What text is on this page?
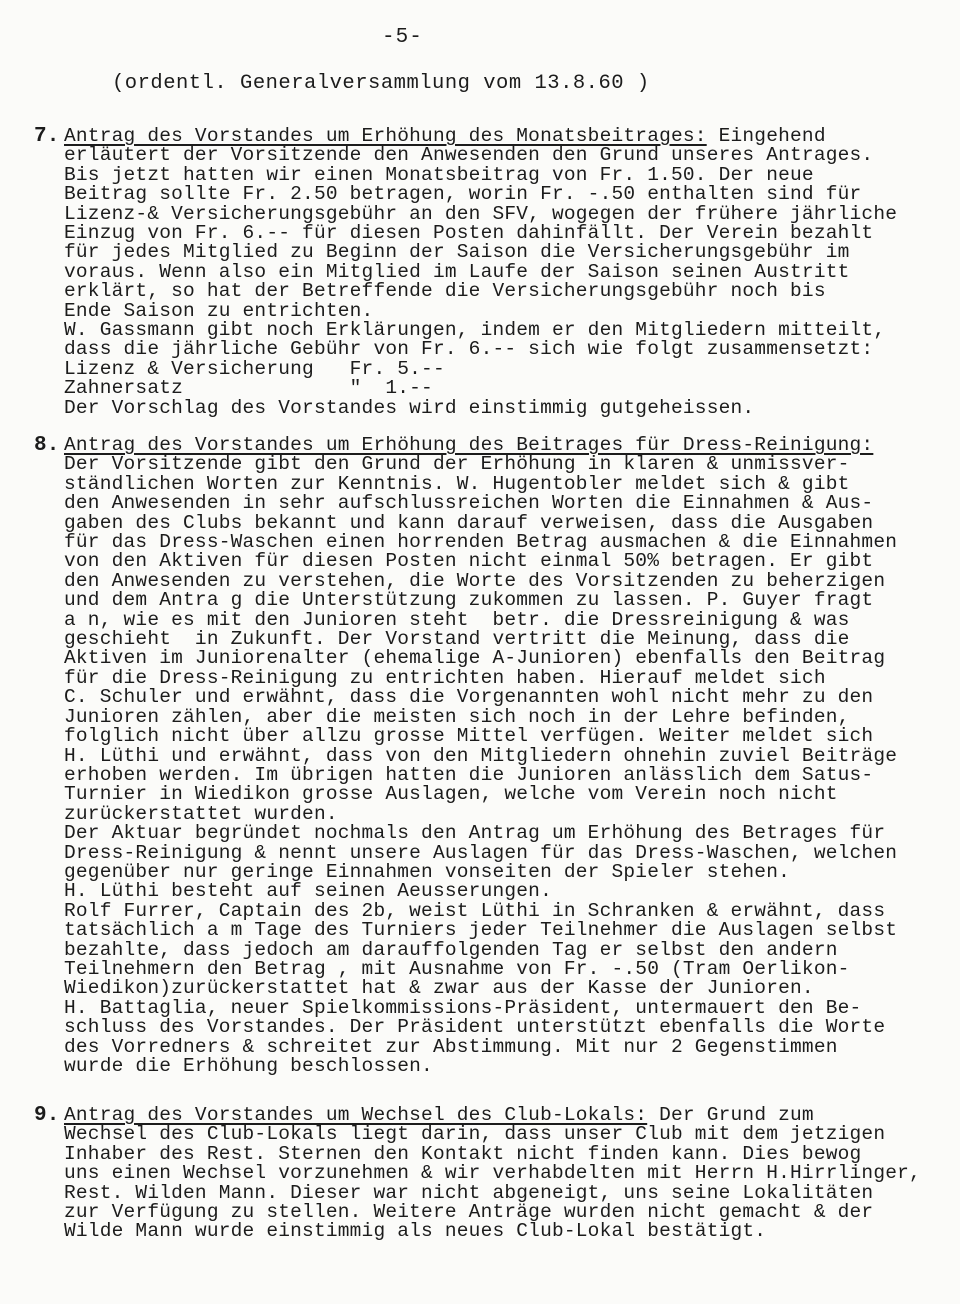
-5-
(ordentl. Generalversammlung vom 13.8.60 )
7. Antrag des Vorstandes um Erhöhung des Monatsbeitrages: Eingehend
erläutert der Vorsitzende den Anwesenden den Grund unseres Antrages.
Bis jetzt hatten wir einen Monatsbeitrag von Fr. 1.50. Der neue
Beitrag sollte Fr. 2.50 betragen, worin Fr. -.50 enthalten sind für
Lizenz-& Versicherungsgebühr an den SFV, wogegen der frühere jährliche
Einzug von Fr. 6.-- für diesen Posten dahinfällt. Der Verein bezahlt
für jedes Mitglied zu Beginn der Saison die Versicherungsgebühr im
voraus. Wenn also ein Mitglied im Laufe der Saison seinen Austritt
erklärt, so hat der Betreffende die Versicherungsgebühr noch bis
Ende Saison zu entrichten.
W. Gassmann gibt noch Erklärungen, indem er den Mitgliedern mitteilt,
dass die jährliche Gebühr von Fr. 6.-- sich wie folgt zusammensetzt:
Lizenz & Versicherung   Fr. 5.--
Zahnersatz              "  1.--
Der Vorschlag des Vorstandes wird einstimmig gutgeheissen.
8. Antrag des Vorstandes um Erhöhung des Beitrages für Dress-Reinigung:
Der Vorsitzende gibt den Grund der Erhöhung in klaren & unmissver-
ständlichen Worten zur Kenntnis. W. Hugentobler meldet sich & gibt
den Anwesenden in sehr aufschlussreichen Worten die Einnahmen & Aus-
gaben des Clubs bekannt und kann darauf verweisen, dass die Ausgaben
für das Dress-Waschen einen horrenden Betrag ausmachen & die Einnahmen
von den Aktiven für diesen Posten nicht einmal 50% betragen. Er gibt
den Anwesenden zu verstehen, die Worte des Vorsitzenden zu beherzigen
und dem Antra g die Unterstützung zukommen zu lassen. P. Guyer fragt
a n, wie es mit den Junioren steht  betr. die Dressreinigung & was
geschieht  in Zukunft. Der Vorstand vertritt die Meinung, dass die
Aktiven im Juniorenalter (ehemalige A-Junioren) ebenfalls den Beitrag
für die Dress-Reinigung zu entrichten haben. Hierauf meldet sich
C. Schuler und erwähnt, dass die Vorgenannten wohl nicht mehr zu den
Junioren zählen, aber die meisten sich noch in der Lehre befinden,
folglich nicht über allzu grosse Mittel verfügen. Weiter meldet sich
H. Lüthi und erwähnt, dass von den Mitgliedern ohnehin zuviel Beiträge
erhoben werden. Im übrigen hatten die Junioren anlässlich dem Satus-
Turnier in Wiedikon grosse Auslagen, welche vom Verein noch nicht
zurückerstattet wurden.
Der Aktuar begründet nochmals den Antrag um Erhöhung des Betrages für
Dress-Reinigung & nennt unsere Auslagen für das Dress-Waschen, welchen
gegenüber nur geringe Einnahmen vonseiten der Spieler stehen.
H. Lüthi besteht auf seinen Aeusserungen.
Rolf Furrer, Captain des 2b, weist Lüthi in Schranken & erwähnt, dass
tatsächlich a m Tage des Turniers jeder Teilnehmer die Auslagen selbst
bezahlte, dass jedoch am darauffolgenden Tag er selbst den andern
Teilnehmern den Betrag , mit Ausnahme von Fr. -.50 (Tram Oerlikon-
Wiedikon)zurückerstattet hat & zwar aus der Kasse der Junioren.
H. Battaglia, neuer Spielkommissions-Präsident, untermauert den Be-
schluss des Vorstandes. Der Präsident unterstützt ebenfalls die Worte
des Vorredners & schreitet zur Abstimmung. Mit nur 2 Gegenstimmen
wurde die Erhöhung beschlossen.
9. Antrag des Vorstandes um Wechsel des Club-Lokals: Der Grund zum
Wechsel des Club-Lokals liegt darin, dass unser Club mit dem jetzigen
Inhaber des Rest. Sternen den Kontakt nicht finden kann. Dies bewog
uns einen Wechsel vorzunehmen & wir verhabdelten mit Herrn H.Hirrlinger,
Rest. Wilden Mann. Dieser war nicht abgeneigt, uns seine Lokalitäten
zur Verfügung zu stellen. Weitere Anträge wurden nicht gemacht & der
Wilde Mann wurde einstimmig als neues Club-Lokal bestätigt.
